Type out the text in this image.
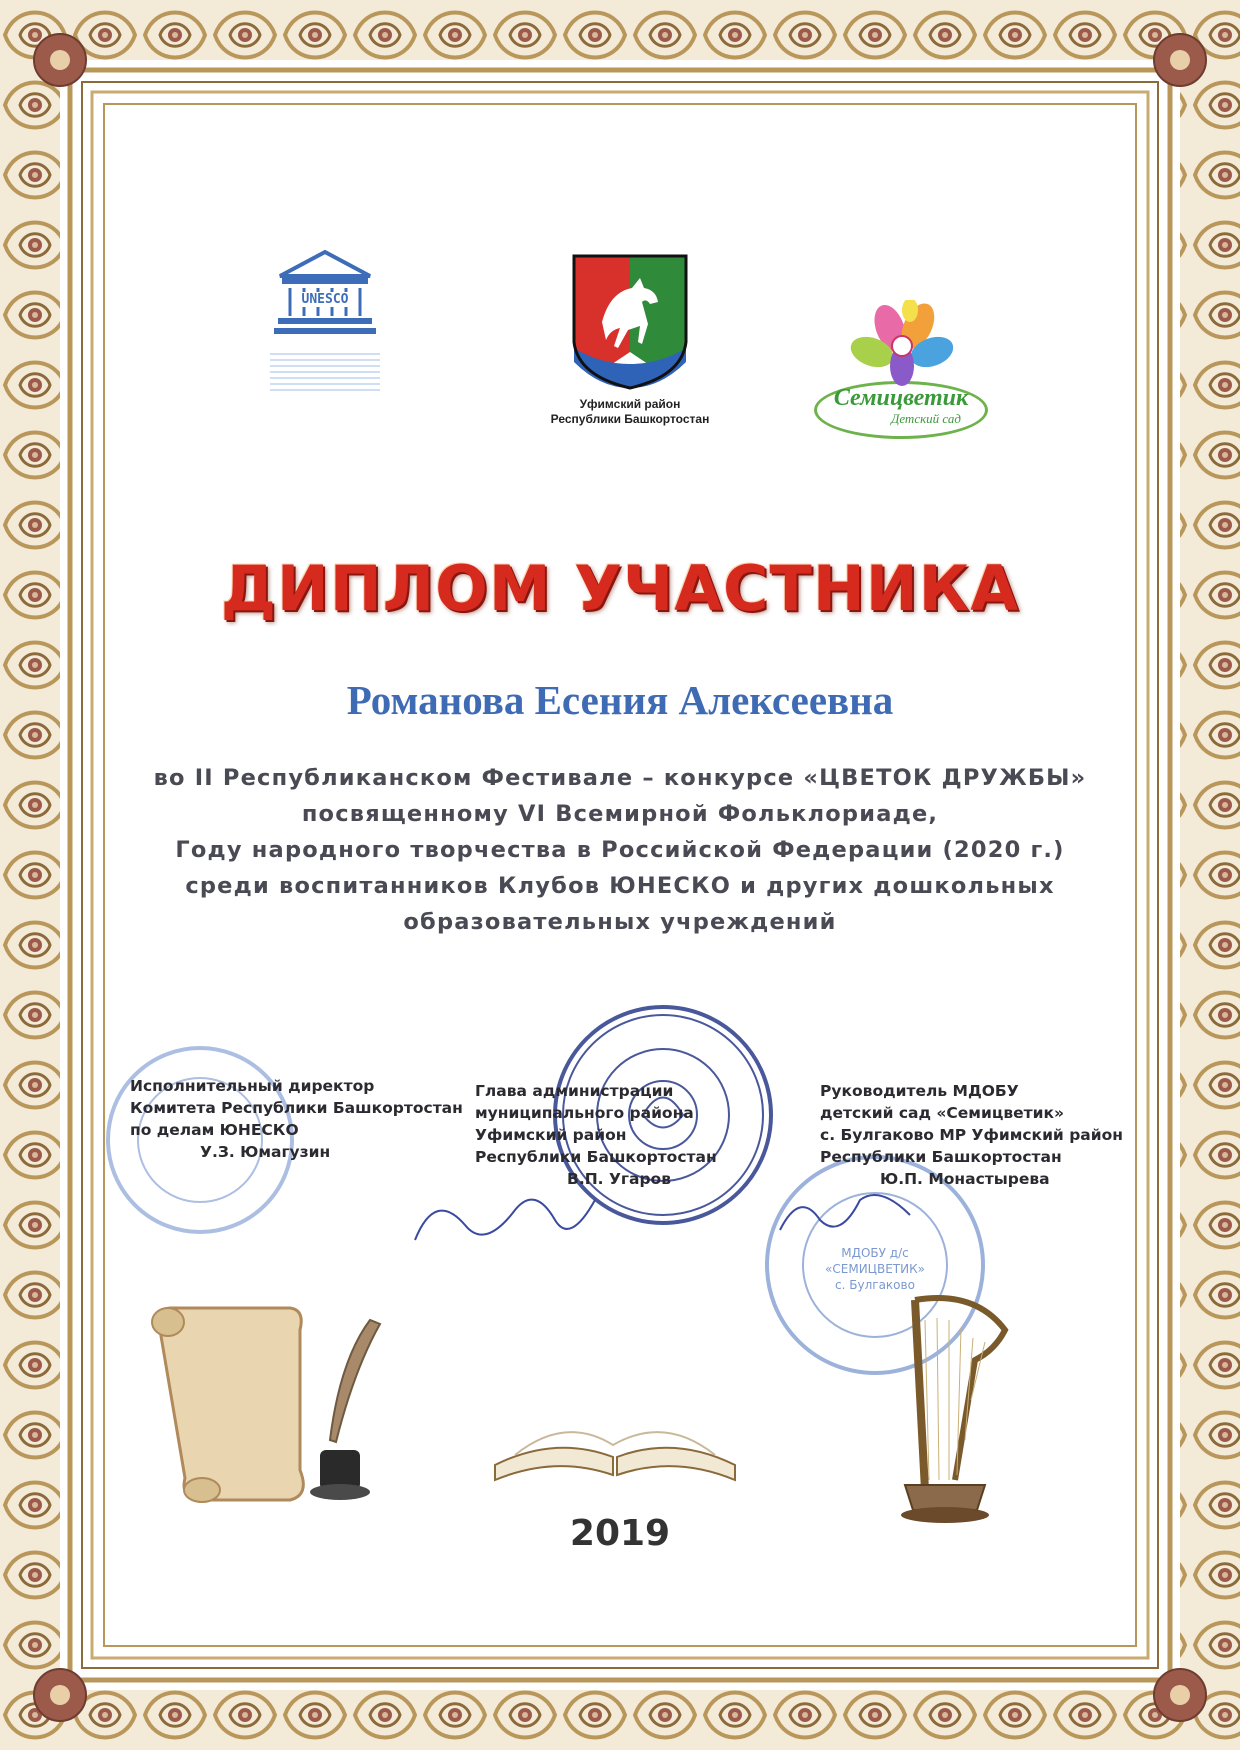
UNESCO
Уфимский район
Республики Башкортостан
Семицветик
Детский сад
ДИПЛОМ УЧАСТНИКА
Романова Есения Алексеевна
во II Республиканском Фестивале – конкурсе «ЦВЕТОК ДРУЖБЫ»
посвященному VI Всемирной Фольклориаде,
Году народного творчества в Российской Федерации (2020 г.)
среди воспитанников Клубов ЮНЕСКО и других дошкольных
образовательных учреждений
МДОБУ д/с «СЕМИЦВЕТИК» с. Булгаково
Исполнительный директор
Комитета Республики Башкортостан
по делам ЮНЕСКО
У.З. Юмагузин
Глава администрации
муниципального района
Уфимский район
Республики Башкортостан
В.П. Угаров
Руководитель МДОБУ
детский сад «Семицветик»
с. Булгаково МР Уфимский район
Республики Башкортостан
Ю.П. Монастырева
2019
